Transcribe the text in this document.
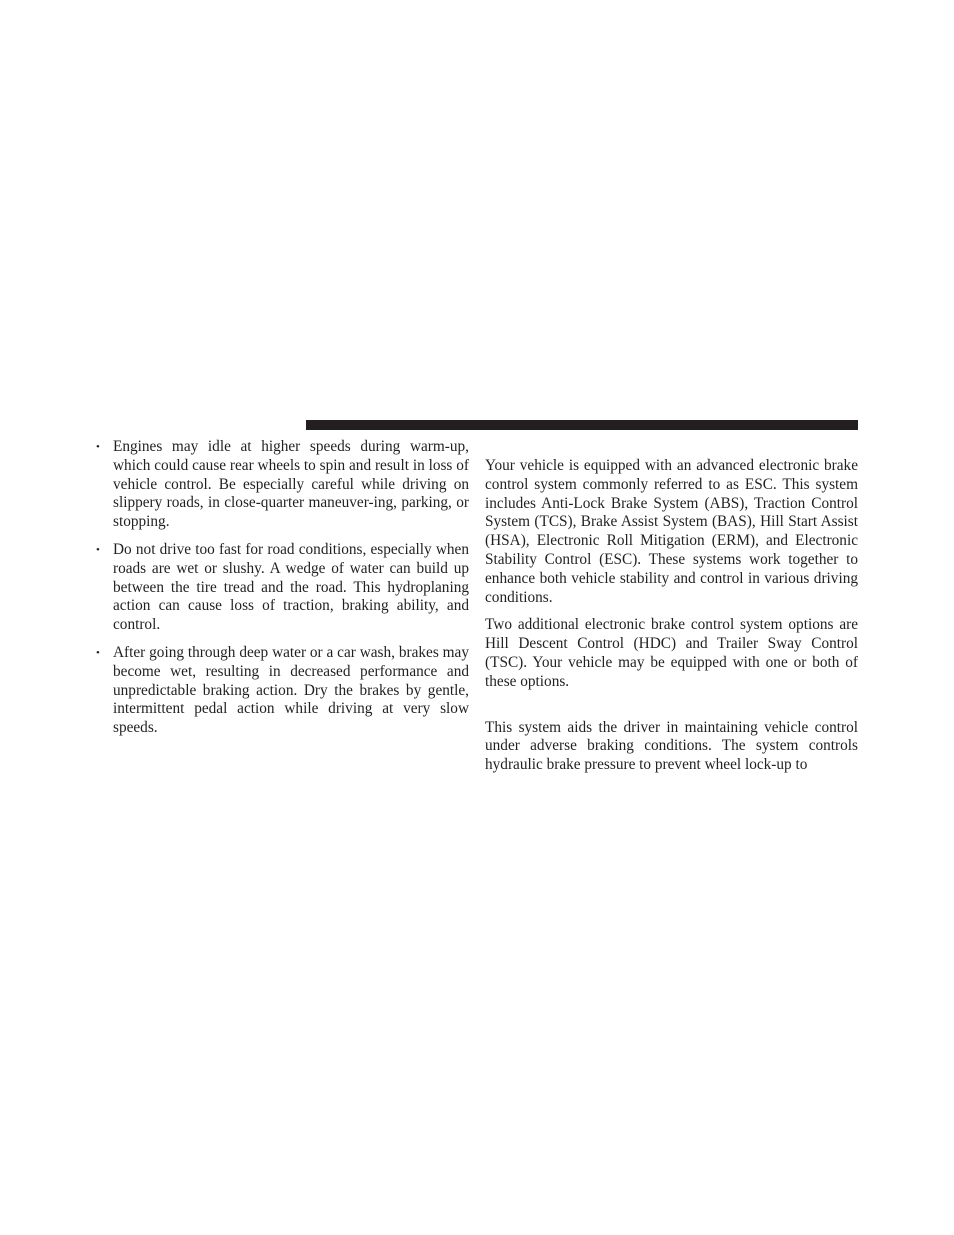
• Engines may idle at higher speeds during warm-up, which could cause rear wheels to spin and result in loss of vehicle control. Be especially careful while driving on slippery roads, in close-quarter maneuver-ing, parking, or stopping.
• Do not drive too fast for road conditions, especially when roads are wet or slushy. A wedge of water can build up between the tire tread and the road. This hydroplaning action can cause loss of traction, braking ability, and control.
• After going through deep water or a car wash, brakes may become wet, resulting in decreased performance and unpredictable braking action. Dry the brakes by gentle, intermittent pedal action while driving at very slow speeds.

Your vehicle is equipped with an advanced electronic brake control system commonly referred to as ESC. This system includes Anti-Lock Brake System (ABS), Traction Control System (TCS), Brake Assist System (BAS), Hill Start Assist (HSA), Electronic Roll Mitigation (ERM), and Electronic Stability Control (ESC). These systems work together to enhance both vehicle stability and control in various driving conditions.

Two additional electronic brake control system options are Hill Descent Control (HDC) and Trailer Sway Control (TSC). Your vehicle may be equipped with one or both of these options.

This system aids the driver in maintaining vehicle control under adverse braking conditions. The system controls hydraulic brake pressure to prevent wheel lock-up to
